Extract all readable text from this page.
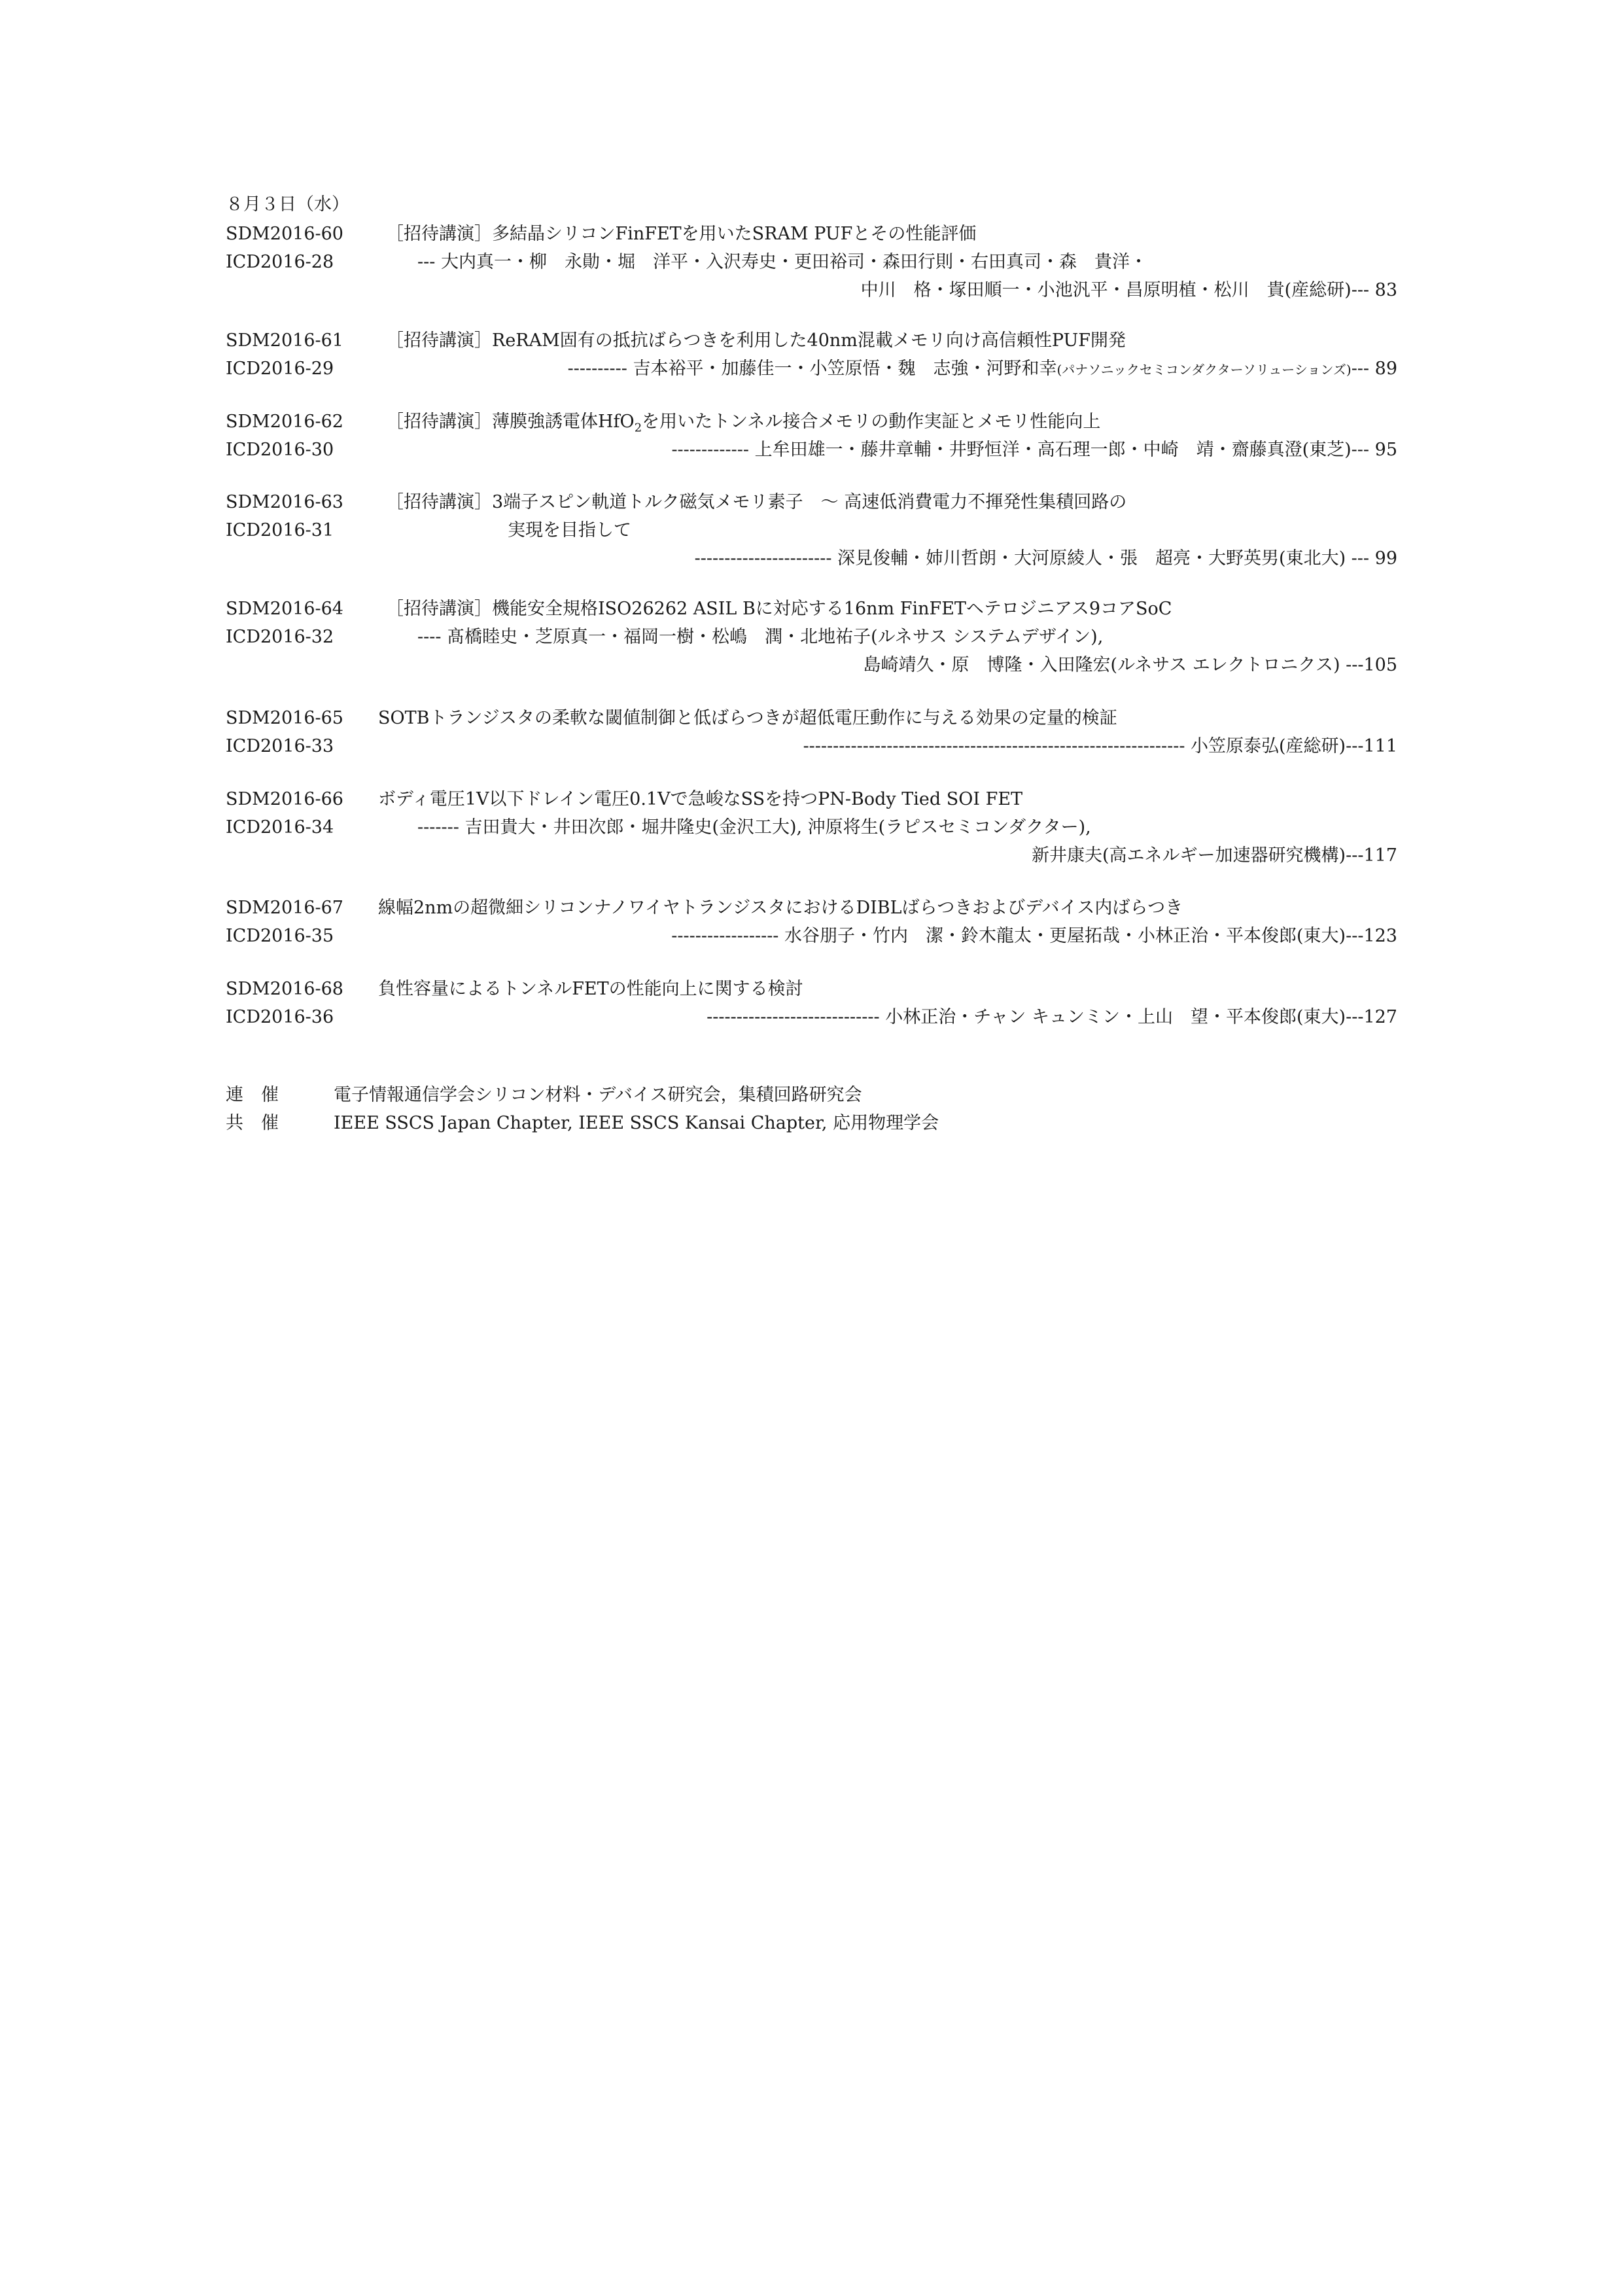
８月３日（水）
SDM2016-60 ［招待講演］多結晶シリコンFinFETを用いたSRAM PUFとその性能評価
ICD2016-28	--- 大内真一・柳　永勛・堀　洋平・入沢寿史・更田裕司・森田行則・右田真司・森　貴洋・
中川　格・塚田順一・小池汎平・昌原明植・松川　貴(産総研)--- 83
SDM2016-61 ［招待講演］ReRAM固有の抵抗ばらつきを利用した40nm混載メモリ向け高信頼性PUF開発
ICD2016-29	---------- 吉本裕平・加藤佳一・小笠原悟・魏　志強・河野和幸(パナソニックセミコンダクターソリューションズ)--- 89
SDM2016-62 ［招待講演］薄膜強誘電体HfO$_2$を用いたトンネル接合メモリの動作実証とメモリ性能向上
ICD2016-30	------------- 上牟田雄一・藤井章輔・井野恒洋・高石理一郎・中崎　靖・齋藤真澄(東芝)--- 95
SDM2016-63 ［招待講演］3端子スピン軌道トルク磁気メモリ素子　～ 高速低消費電力不揮発性集積回路の
ICD2016-31	実現を目指して
----------------------- 深見俊輔・姉川哲朗・大河原綾人・張　超亮・大野英男(東北大) --- 99
SDM2016-64 ［招待講演］機能安全規格ISO26262 ASIL Bに対応する16nm FinFETヘテロジニアス9コアSoC
ICD2016-32	---- 髙橋睦史・芝原真一・福岡一樹・松嶋　潤・北地祐子(ルネサス システムデザイン),
島崎靖久・原　博隆・入田隆宏(ルネサス エレクトロニクス) ---105
SDM2016-65 SOTBトランジスタの柔軟な閾値制御と低ばらつきが超低電圧動作に与える効果の定量的検証
ICD2016-33	---------------------------------------------------------------- 小笠原泰弘(産総研)---111
SDM2016-66 ボディ電圧1V以下ドレイン電圧0.1Vで急峻なSSを持つPN-Body Tied SOI FET
ICD2016-34	------- 吉田貴大・井田次郎・堀井隆史(金沢工大), 沖原将生(ラピスセミコンダクター),
新井康夫(高エネルギー加速器研究機構)---117
SDM2016-67 線幅2nmの超微細シリコンナノワイヤトランジスタにおけるDIBLばらつきおよびデバイス内ばらつき
ICD2016-35	------------------ 水谷朋子・竹内　潔・鈴木龍太・更屋拓哉・小林正治・平本俊郎(東大)---123
SDM2016-68 負性容量によるトンネルFETの性能向上に関する検討
ICD2016-36	----------------------------- 小林正治・チャン キュンミン・上山　望・平本俊郎(東大)---127
連　催	電子情報通信学会シリコン材料・デバイス研究会，集積回路研究会
共　催	IEEE SSCS Japan Chapter, IEEE SSCS Kansai Chapter, 応用物理学会
